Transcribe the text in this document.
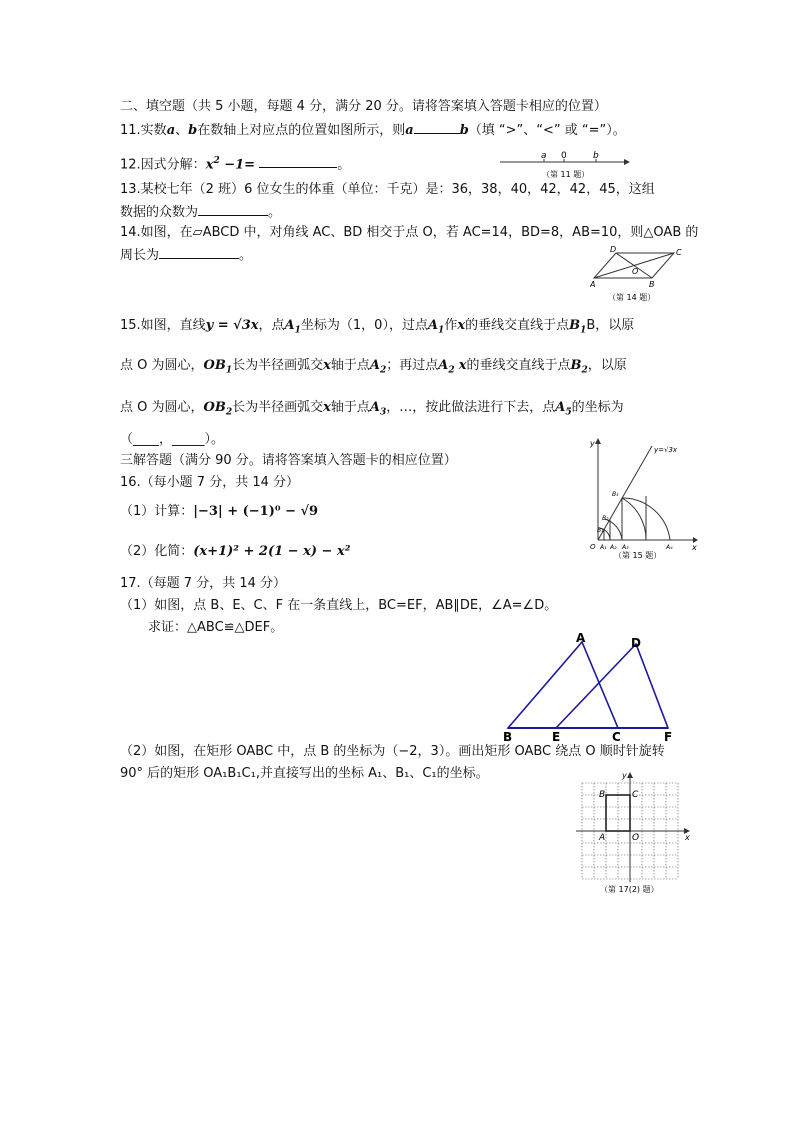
二、填空题（共 5 小题，每题 4 分，满分 20 分。请将答案填入答题卡相应的位置）
11.实数a、b在数轴上对应点的位置如图所示，则a	b（填 “>”、“<” 或 “=”）。
12.因式分解：$x^2 -1=$	。
a 0	b
（第 11 题）
13.某校七年（2 班）6 位女生的体重（单位：千克）是：36，38，40，42，42，45，这组
数据的众数为	。
14.如图，在▱ABCD 中，对角线 AC、BD 相交于点 O，若 AC=14，BD=8，AB=10，则△OAB 的
周长为	。	D	C
A	B
O
（第 14 题）
15.如图，直线y = √3x，点$A_1$坐标为（1，0），过点$A_1$作x的垂线交直线于点$B_1B$，以原
点 O 为圆心，$OB_1$长为半径画弧交x轴于点$A_2$；再过点$A_2$ x的垂线交直线于点$B_2$，以原
点 O 为圆心，$OB_2$长为半径画弧交x轴于点$A_3$，…，按此做法进行下去，点$A_5$的坐标为
（____，_____）。
三解答题（满分 90 分。请将答案填入答题卡的相应位置）
y
x
O A₁ A₂ A₃	A₄
B₁
B₂
B₃
y=√3x
（第 15 题）
16.（每小题 7 分，共 14 分）
（1）计算：|−3| + (−1)⁰ − √9
（2）化简：(x+1)² + 2(1 − x) − x²
17.（每题 7 分，共 14 分）
（1）如图，点 B、E、C、F 在一条直线上，BC=EF，AB∥DE，∠A=∠D。
求证：△ABC≌△DEF。
A	D
B	E	C	F
（2）如图，在矩形 OABC 中，点 B 的坐标为（−2，3）。画出矩形 OABC 绕点 O 顺时针旋转
90° 后的矩形 OA₁B₁C₁,并直接写出的坐标 A₁、B₁、C₁的坐标。	y
x
B	C
A	O
（第 17(2) 题）
